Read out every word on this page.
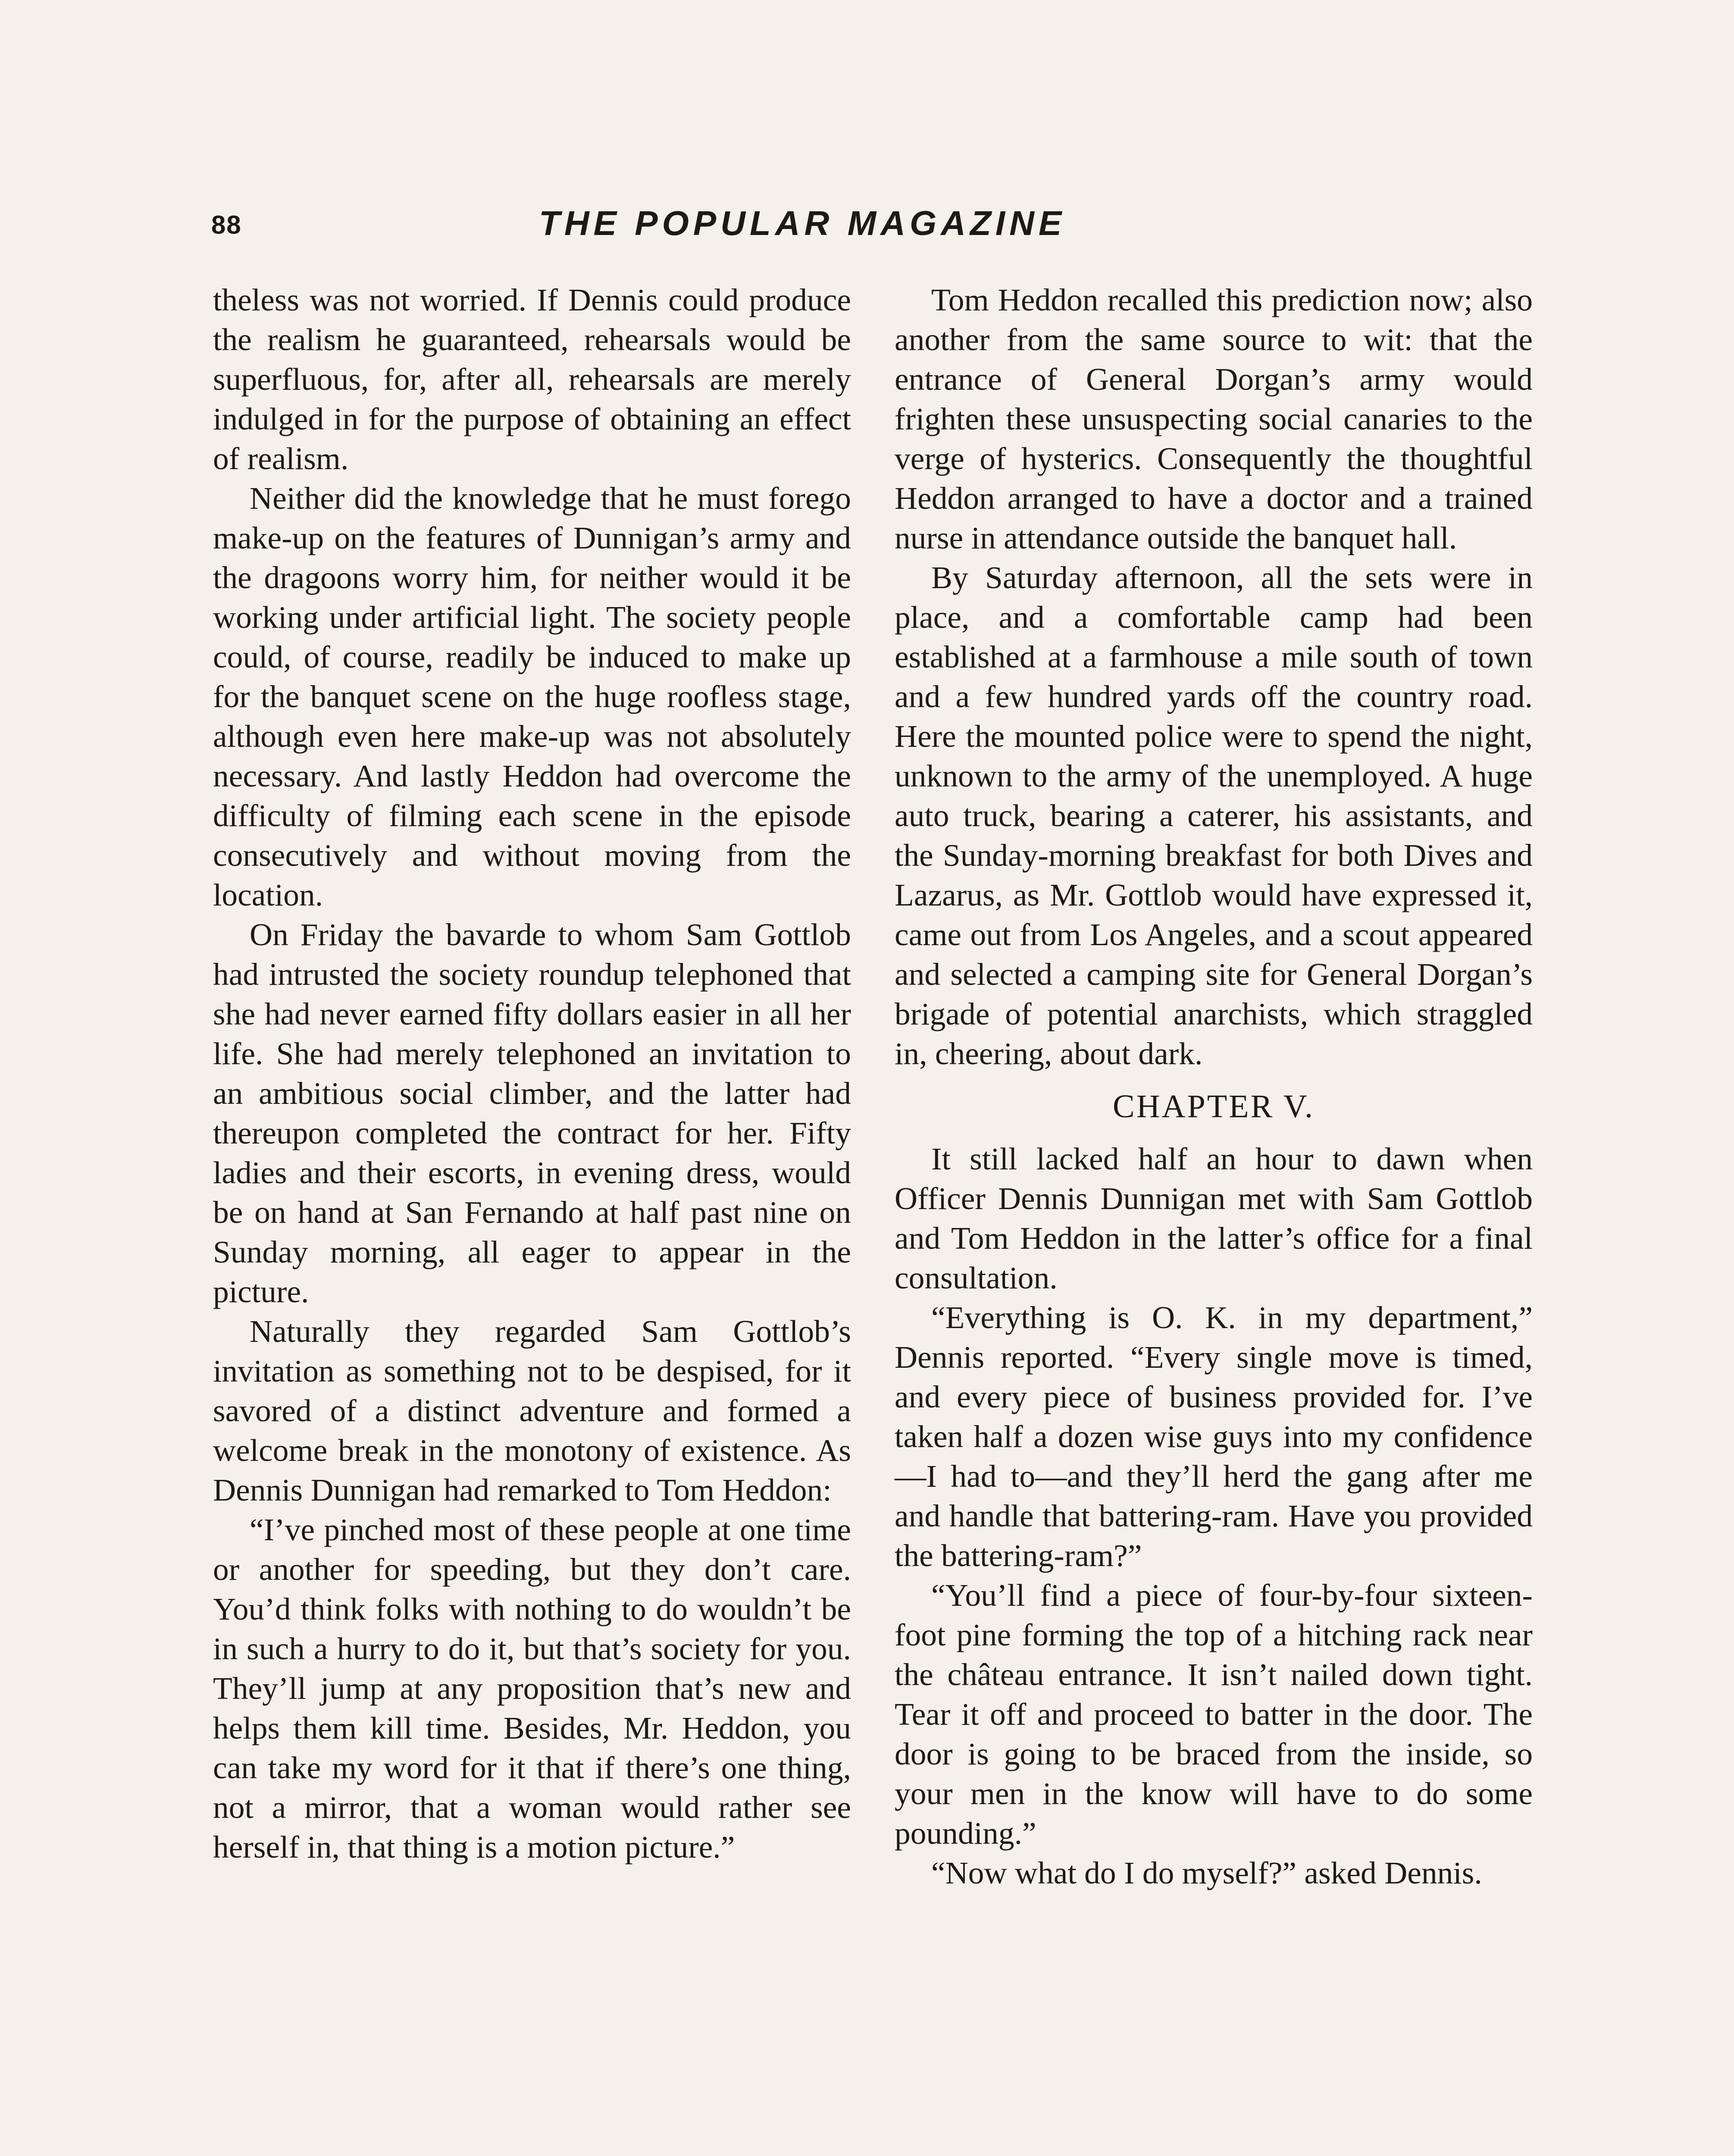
88	THE POPULAR MAGAZINE

theless was not worried. If Dennis could produce the realism he guaranteed, rehearsals would be superfluous, for, after all, rehearsals are merely indulged in for the purpose of obtaining an effect of realism.

Neither did the knowledge that he must forego make-up on the features of Dunnigan’s army and the dragoons worry him, for neither would it be working under artificial light. The society people could, of course, readily be induced to make up for the banquet scene on the huge roofless stage, although even here make-up was not absolutely necessary. And lastly Heddon had overcome the difficulty of filming each scene in the episode consecutively and without moving from the location.

On Friday the bavarde to whom Sam Gottlob had intrusted the society roundup telephoned that she had never earned fifty dollars easier in all her life. She had merely telephoned an invitation to an ambitious social climber, and the latter had thereupon completed the contract for her. Fifty ladies and their escorts, in evening dress, would be on hand at San Fernando at half past nine on Sunday morning, all eager to appear in the picture.

Naturally they regarded Sam Gottlob’s invitation as something not to be despised, for it savored of a distinct adventure and formed a welcome break in the monotony of existence. As Dennis Dunnigan had remarked to Tom Heddon:

“I’ve pinched most of these people at one time or another for speeding, but they don’t care. You’d think folks with nothing to do wouldn’t be in such a hurry to do it, but that’s society for you. They’ll jump at any proposition that’s new and helps them kill time. Besides, Mr. Heddon, you can take my word for it that if there’s one thing, not a mirror, that a woman would rather see herself in, that thing is a motion picture.”

Tom Heddon recalled this prediction now; also another from the same source to wit: that the entrance of General Dorgan’s army would frighten these unsuspecting social canaries to the verge of hysterics. Consequently the thoughtful Heddon arranged to have a doctor and a trained nurse in attendance outside the banquet hall.

By Saturday afternoon, all the sets were in place, and a comfortable camp had been established at a farmhouse a mile south of town and a few hundred yards off the country road. Here the mounted police were to spend the night, unknown to the army of the unemployed. A huge auto truck, bearing a caterer, his assistants, and the Sunday-morning breakfast for both Dives and Lazarus, as Mr. Gottlob would have expressed it, came out from Los Angeles, and a scout appeared and selected a camping site for General Dorgan’s brigade of potential anarchists, which straggled in, cheering, about dark.

CHAPTER V.

It still lacked half an hour to dawn when Officer Dennis Dunnigan met with Sam Gottlob and Tom Heddon in the latter’s office for a final consultation.

“Everything is O. K. in my department,” Dennis reported. “Every single move is timed, and every piece of business provided for. I’ve taken half a dozen wise guys into my confidence—I had to—and they’ll herd the gang after me and handle that battering-ram. Have you provided the battering-ram?”

“You’ll find a piece of four-by-four sixteen-foot pine forming the top of a hitching rack near the château entrance. It isn’t nailed down tight. Tear it off and proceed to batter in the door. The door is going to be braced from the inside, so your men in the know will have to do some pounding.”

“Now what do I do myself?” asked Dennis.
